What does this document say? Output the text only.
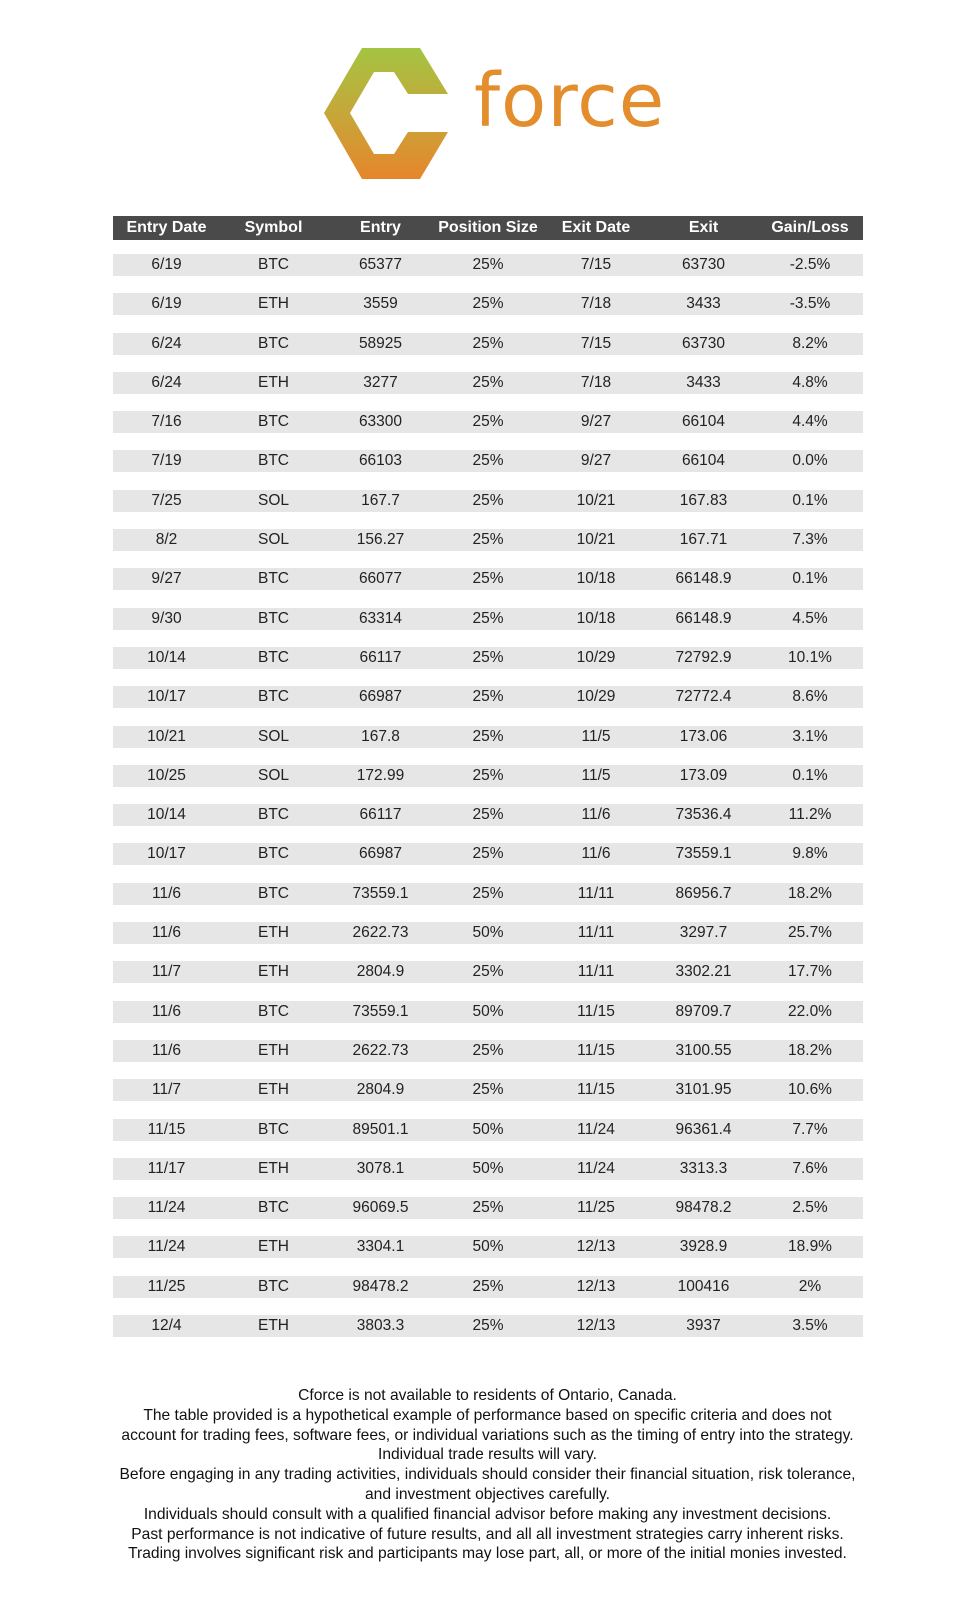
force
Entry Date	Symbol	Entry	Position Size	Exit Date	Exit	Gain/Loss
6/19	BTC	65377	25%	7/15	63730	-2.5%
6/19	ETH	3559	25%	7/18	3433	-3.5%
6/24	BTC	58925	25%	7/15	63730	8.2%
6/24	ETH	3277	25%	7/18	3433	4.8%
7/16	BTC	63300	25%	9/27	66104	4.4%
7/19	BTC	66103	25%	9/27	66104	0.0%
7/25	SOL	167.7	25%	10/21	167.83	0.1%
8/2	SOL	156.27	25%	10/21	167.71	7.3%
9/27	BTC	66077	25%	10/18	66148.9	0.1%
9/30	BTC	63314	25%	10/18	66148.9	4.5%
10/14	BTC	66117	25%	10/29	72792.9	10.1%
10/17	BTC	66987	25%	10/29	72772.4	8.6%
10/21	SOL	167.8	25%	11/5	173.06	3.1%
10/25	SOL	172.99	25%	11/5	173.09	0.1%
10/14	BTC	66117	25%	11/6	73536.4	11.2%
10/17	BTC	66987	25%	11/6	73559.1	9.8%
11/6	BTC	73559.1	25%	11/11	86956.7	18.2%
11/6	ETH	2622.73	50%	11/11	3297.7	25.7%
11/7	ETH	2804.9	25%	11/11	3302.21	17.7%
11/6	BTC	73559.1	50%	11/15	89709.7	22.0%
11/6	ETH	2622.73	25%	11/15	3100.55	18.2%
11/7	ETH	2804.9	25%	11/15	3101.95	10.6%
11/15	BTC	89501.1	50%	11/24	96361.4	7.7%
11/17	ETH	3078.1	50%	11/24	3313.3	7.6%
11/24	BTC	96069.5	25%	11/25	98478.2	2.5%
11/24	ETH	3304.1	50%	12/13	3928.9	18.9%
11/25	BTC	98478.2	25%	12/13	100416	2%
12/4	ETH	3803.3	25%	12/13	3937	3.5%
Cforce is not available to residents of Ontario, Canada.
The table provided is a hypothetical example of performance based on specific criteria and does not
account for trading fees, software fees, or individual variations such as the timing of entry into the strategy.
Individual trade results will vary.
Before engaging in any trading activities, individuals should consider their financial situation, risk tolerance,
and investment objectives carefully.
Individuals should consult with a qualified financial advisor before making any investment decisions.
Past performance is not indicative of future results, and all all investment strategies carry inherent risks.
Trading involves significant risk and participants may lose part, all, or more of the initial monies invested.
